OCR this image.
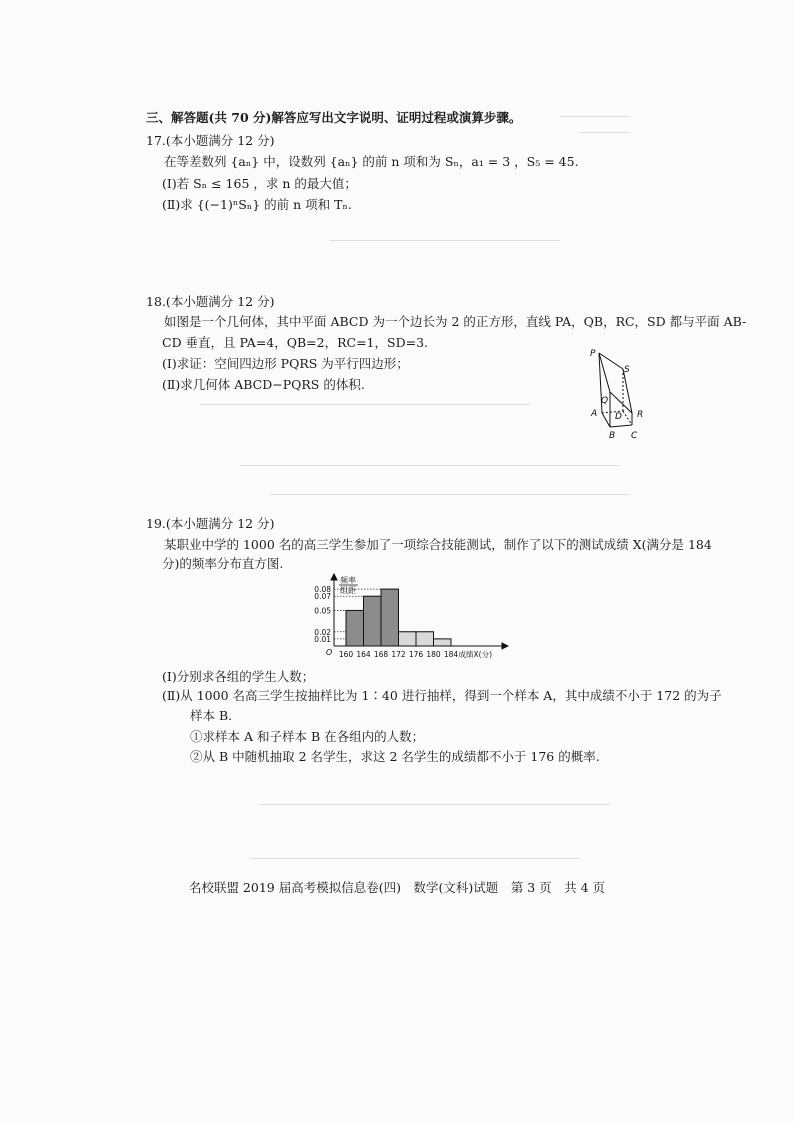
三、解答题(共 70 分)解答应写出文字说明、证明过程或演算步骤。
17.(本小题满分 12 分)
在等差数列 {aₙ} 中，设数列 {aₙ} 的前 n 项和为 Sₙ，a₁ = 3 ，S₅ = 45.
(Ⅰ)若 Sₙ ≤ 165 ，求 n 的最大值；
(Ⅱ)求 {(−1)ⁿSₙ} 的前 n 项和 Tₙ.
18.(本小题满分 12 分)
如图是一个几何体，其中平面 ABCD 为一个边长为 2 的正方形，直线 PA，QB，RC，SD 都与平面 AB-
CD 垂直，且 PA=4，QB=2，RC=1，SD=3.
(Ⅰ)求证：空间四边形 PQRS 为平行四边形；
(Ⅱ)求几何体 ABCD−PQRS 的体积.
P
S
Q
A D R
B C
19.(本小题满分 12 分)
某职业中学的 1000 名的高三学生参加了一项综合技能测试，制作了以下的测试成绩 X(满分是 184
分)的频率分布直方图.
频率
组距
O
0.08
0.07
0.05
0.02
0.01
160 164 168 172 176 180 184 成绩X(分)
(Ⅰ)分别求各组的学生人数；
(Ⅱ)从 1000 名高三学生按抽样比为 1∶40 进行抽样，得到一个样本 A，其中成绩不小于 172 的为子
样本 B.
①求样本 A 和子样本 B 在各组内的人数；
②从 B 中随机抽取 2 名学生，求这 2 名学生的成绩都不小于 176 的概率.
名校联盟 2019 届高考模拟信息卷(四)　数学(文科)试题　第 3 页　共 4 页
